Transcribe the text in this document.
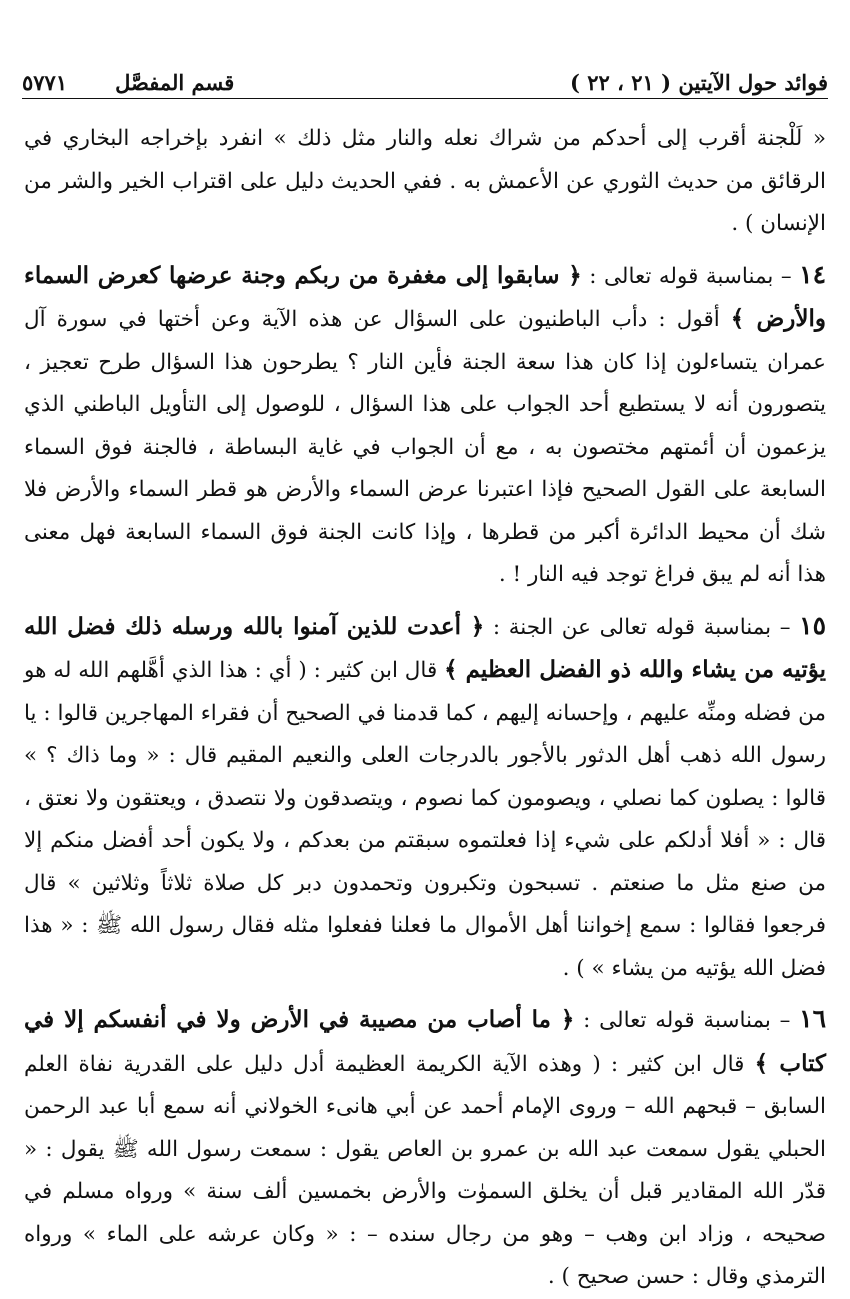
فوائد حول الآيتين ( ٢١ ، ٢٢ )
قسم المفصَّل
٥٧٧١

« لَلْجنة أقرب إلى أحدكم من شراك نعله والنار مثل ذلك » انفرد بإخراجه البخاري في الرقائق من حديث الثوري عن الأعمش به . ففي الحديث دليل على اقتراب الخير والشر من الإنسان ) .

١٤ – بمناسبة قوله تعالى : ﴿ سابقوا إلى مغفرة من ربكم وجنة عرضها كعرض السماء والأرض ﴾ أقول : دأب الباطنيون على السؤال عن هذه الآية وعن أختها في سورة آل عمران يتساءلون إذا كان هذا سعة الجنة فأين النار ؟ يطرحون هذا السؤال طرح تعجيز ، يتصورون أنه لا يستطيع أحد الجواب على هذا السؤال ، للوصول إلى التأويل الباطني الذي يزعمون أن أئمتهم مختصون به ، مع أن الجواب في غاية البساطة ، فالجنة فوق السماء السابعة على القول الصحيح فإذا اعتبرنا عرض السماء والأرض هو قطر السماء والأرض فلا شك أن محيط الدائرة أكبر من قطرها ، وإذا كانت الجنة فوق السماء السابعة فهل معنى هذا أنه لم يبق فراغ توجد فيه النار ! .

١٥ – بمناسبة قوله تعالى عن الجنة : ﴿ أعدت للذين آمنوا بالله ورسله ذلك فضل الله يؤتيه من يشاء والله ذو الفضل العظيم ﴾ قال ابن كثير : ( أي : هذا الذي أهَّلهم الله له هو من فضله ومنِّه عليهم ، وإحسانه إليهم ، كما قدمنا في الصحيح أن فقراء المهاجرين قالوا : يا رسول الله ذهب أهل الدثور بالأجور بالدرجات العلى والنعيم المقيم قال : « وما ذاك ؟ » قالوا : يصلون كما نصلي ، ويصومون كما نصوم ، ويتصدقون ولا نتصدق ، ويعتقون ولا نعتق ، قال : « أفلا أدلكم على شيء إذا فعلتموه سبقتم من بعدكم ، ولا يكون أحد أفضل منكم إلا من صنع مثل ما صنعتم . تسبحون وتكبرون وتحمدون دبر كل صلاة ثلاثاً وثلاثين » قال فرجعوا فقالوا : سمع إخواننا أهل الأموال ما فعلنا ففعلوا مثله فقال رسول الله ﷺ : « هذا فضل الله يؤتيه من يشاء » ) .

١٦ – بمناسبة قوله تعالى : ﴿ ما أصاب من مصيبة في الأرض ولا في أنفسكم إلا في كتاب ﴾ قال ابن كثير : ( وهذه الآية الكريمة العظيمة أدل دليل على القدرية نفاة العلم السابق – قبحهم الله – وروى الإمام أحمد عن أبي هانىء الخولاني أنه سمع أبا عبد الرحمن الحبلي يقول سمعت عبد الله بن عمرو بن العاص يقول : سمعت رسول الله ﷺ يقول : « قدّر الله المقادير قبل أن يخلق السموٰت والأرض بخمسين ألف سنة » ورواه مسلم في صحيحه ، وزاد ابن وهب – وهو من رجال سنده – : « وكان عرشه على الماء » ورواه الترمذي وقال : حسن صحيح ) .
